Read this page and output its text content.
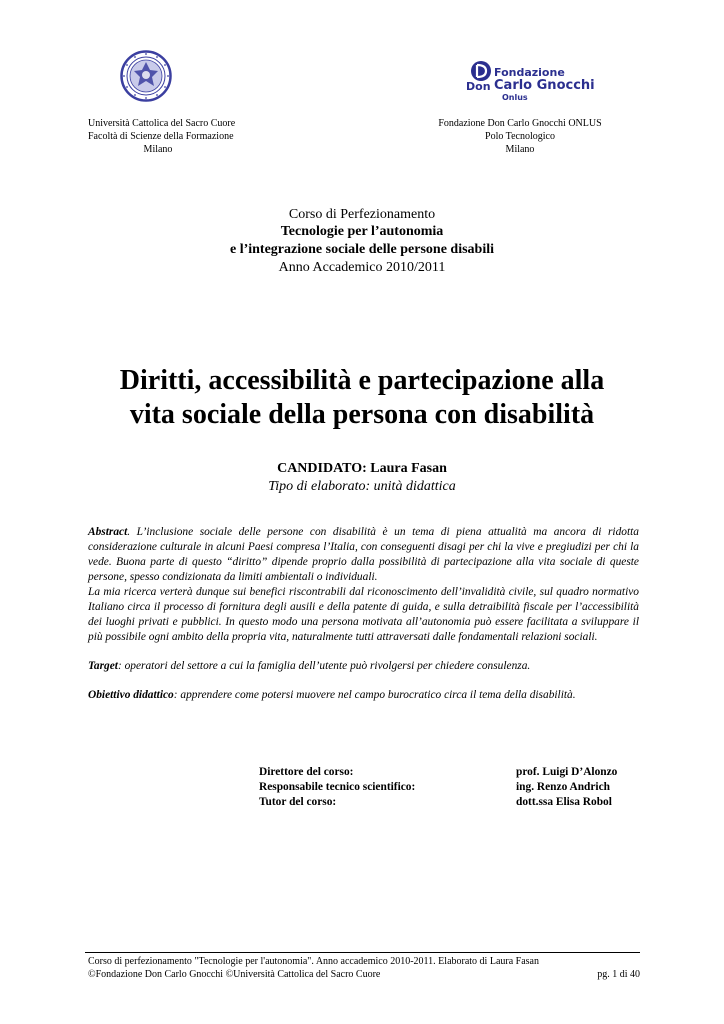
Università Cattolica del Sacro Cuore
Facoltà di Scienze della Formazione
Milano
Fondazione
Don Carlo Gnocchi
Onlus
Fondazione Don Carlo Gnocchi ONLUS
Polo Tecnologico
Milano
Corso di Perfezionamento
Tecnologie per l’autonomia
e l’integrazione sociale delle persone disabili
Anno Accademico 2010/2011
Diritti, accessibilità e partecipazione alla
vita sociale della persona con disabilità
CANDIDATO: Laura Fasan
Tipo di elaborato: unità didattica

Abstract. L’inclusione sociale delle persone con disabilità è un tema di piena attualità ma ancora di ridotta considerazione culturale in alcuni Paesi compresa l’Italia, con conseguenti disagi per chi la vive e pregiudizi per chi la vede. Buona parte di questo “diritto” dipende proprio dalla possibilità di partecipazione alla vita sociale di queste persone, spesso condizionata da limiti ambientali o individuali.

La mia ricerca verterà dunque sui benefici riscontrabili dal riconoscimento dell’invalidità civile, sul quadro normativo Italiano circa il processo di fornitura degli ausili e della patente di guida, e sulla detraibilità fiscale per l’accessibilità dei luoghi privati e pubblici. In questo modo una persona motivata all’autonomia può essere facilitata a sviluppare il più possibile ogni ambito della propria vita, naturalmente tutti attraversati dalle fondamentali relazioni sociali.

Target: operatori del settore a cui la famiglia dell’utente può rivolgersi per chiedere consulenza.

Obiettivo didattico: apprendere come potersi muovere nel campo burocratico circa il tema della disabilità.

Direttore del corso:	prof. Luigi D’Alonzo
Responsabile tecnico scientifico:	ing. Renzo Andrich
Tutor del corso:	dott.ssa Elisa Robol
Corso di perfezionamento "Tecnologie per l'autonomia". Anno accademico 2010-2011. Elaborato di Laura Fasan
©Fondazione Don Carlo Gnocchi ©Università Cattolica del Sacro Cuore	pg. 1 di 40
